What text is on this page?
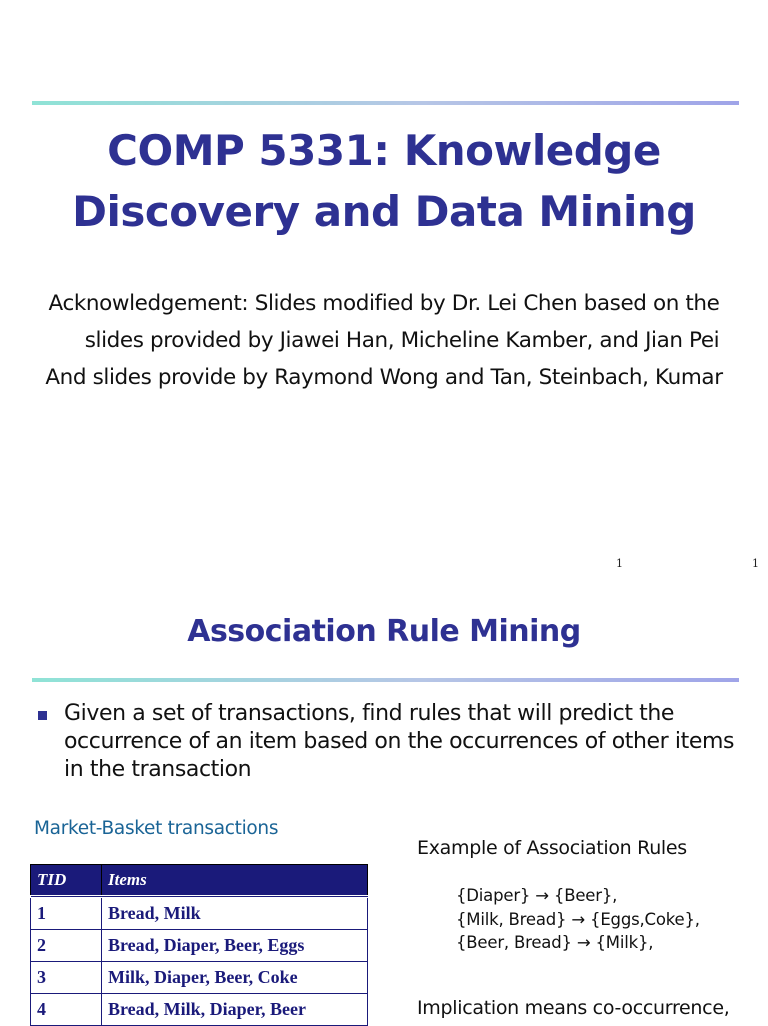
COMP 5331: Knowledge
Discovery and Data Mining
Acknowledgement: Slides modified by Dr. Lei Chen based on the
slides provided by Jiawei Han, Micheline Kamber, and Jian Pei
And slides provide by Raymond Wong and Tan, Steinbach, Kumar
1	1
Association Rule Mining
Given a set of transactions, find rules that will predict the occurrence of an item based on the occurrences of other items in the transaction
Market-Basket transactions
TID	Items
1	Bread, Milk
2	Bread, Diaper, Beer, Eggs
3	Milk, Diaper, Beer, Coke
4	Bread, Milk, Diaper, Beer
Example of Association Rules
{Diaper} → {Beer},
{Milk, Bread} → {Eggs,Coke},
{Beer, Bread} → {Milk},
Implication means co-occurrence,
